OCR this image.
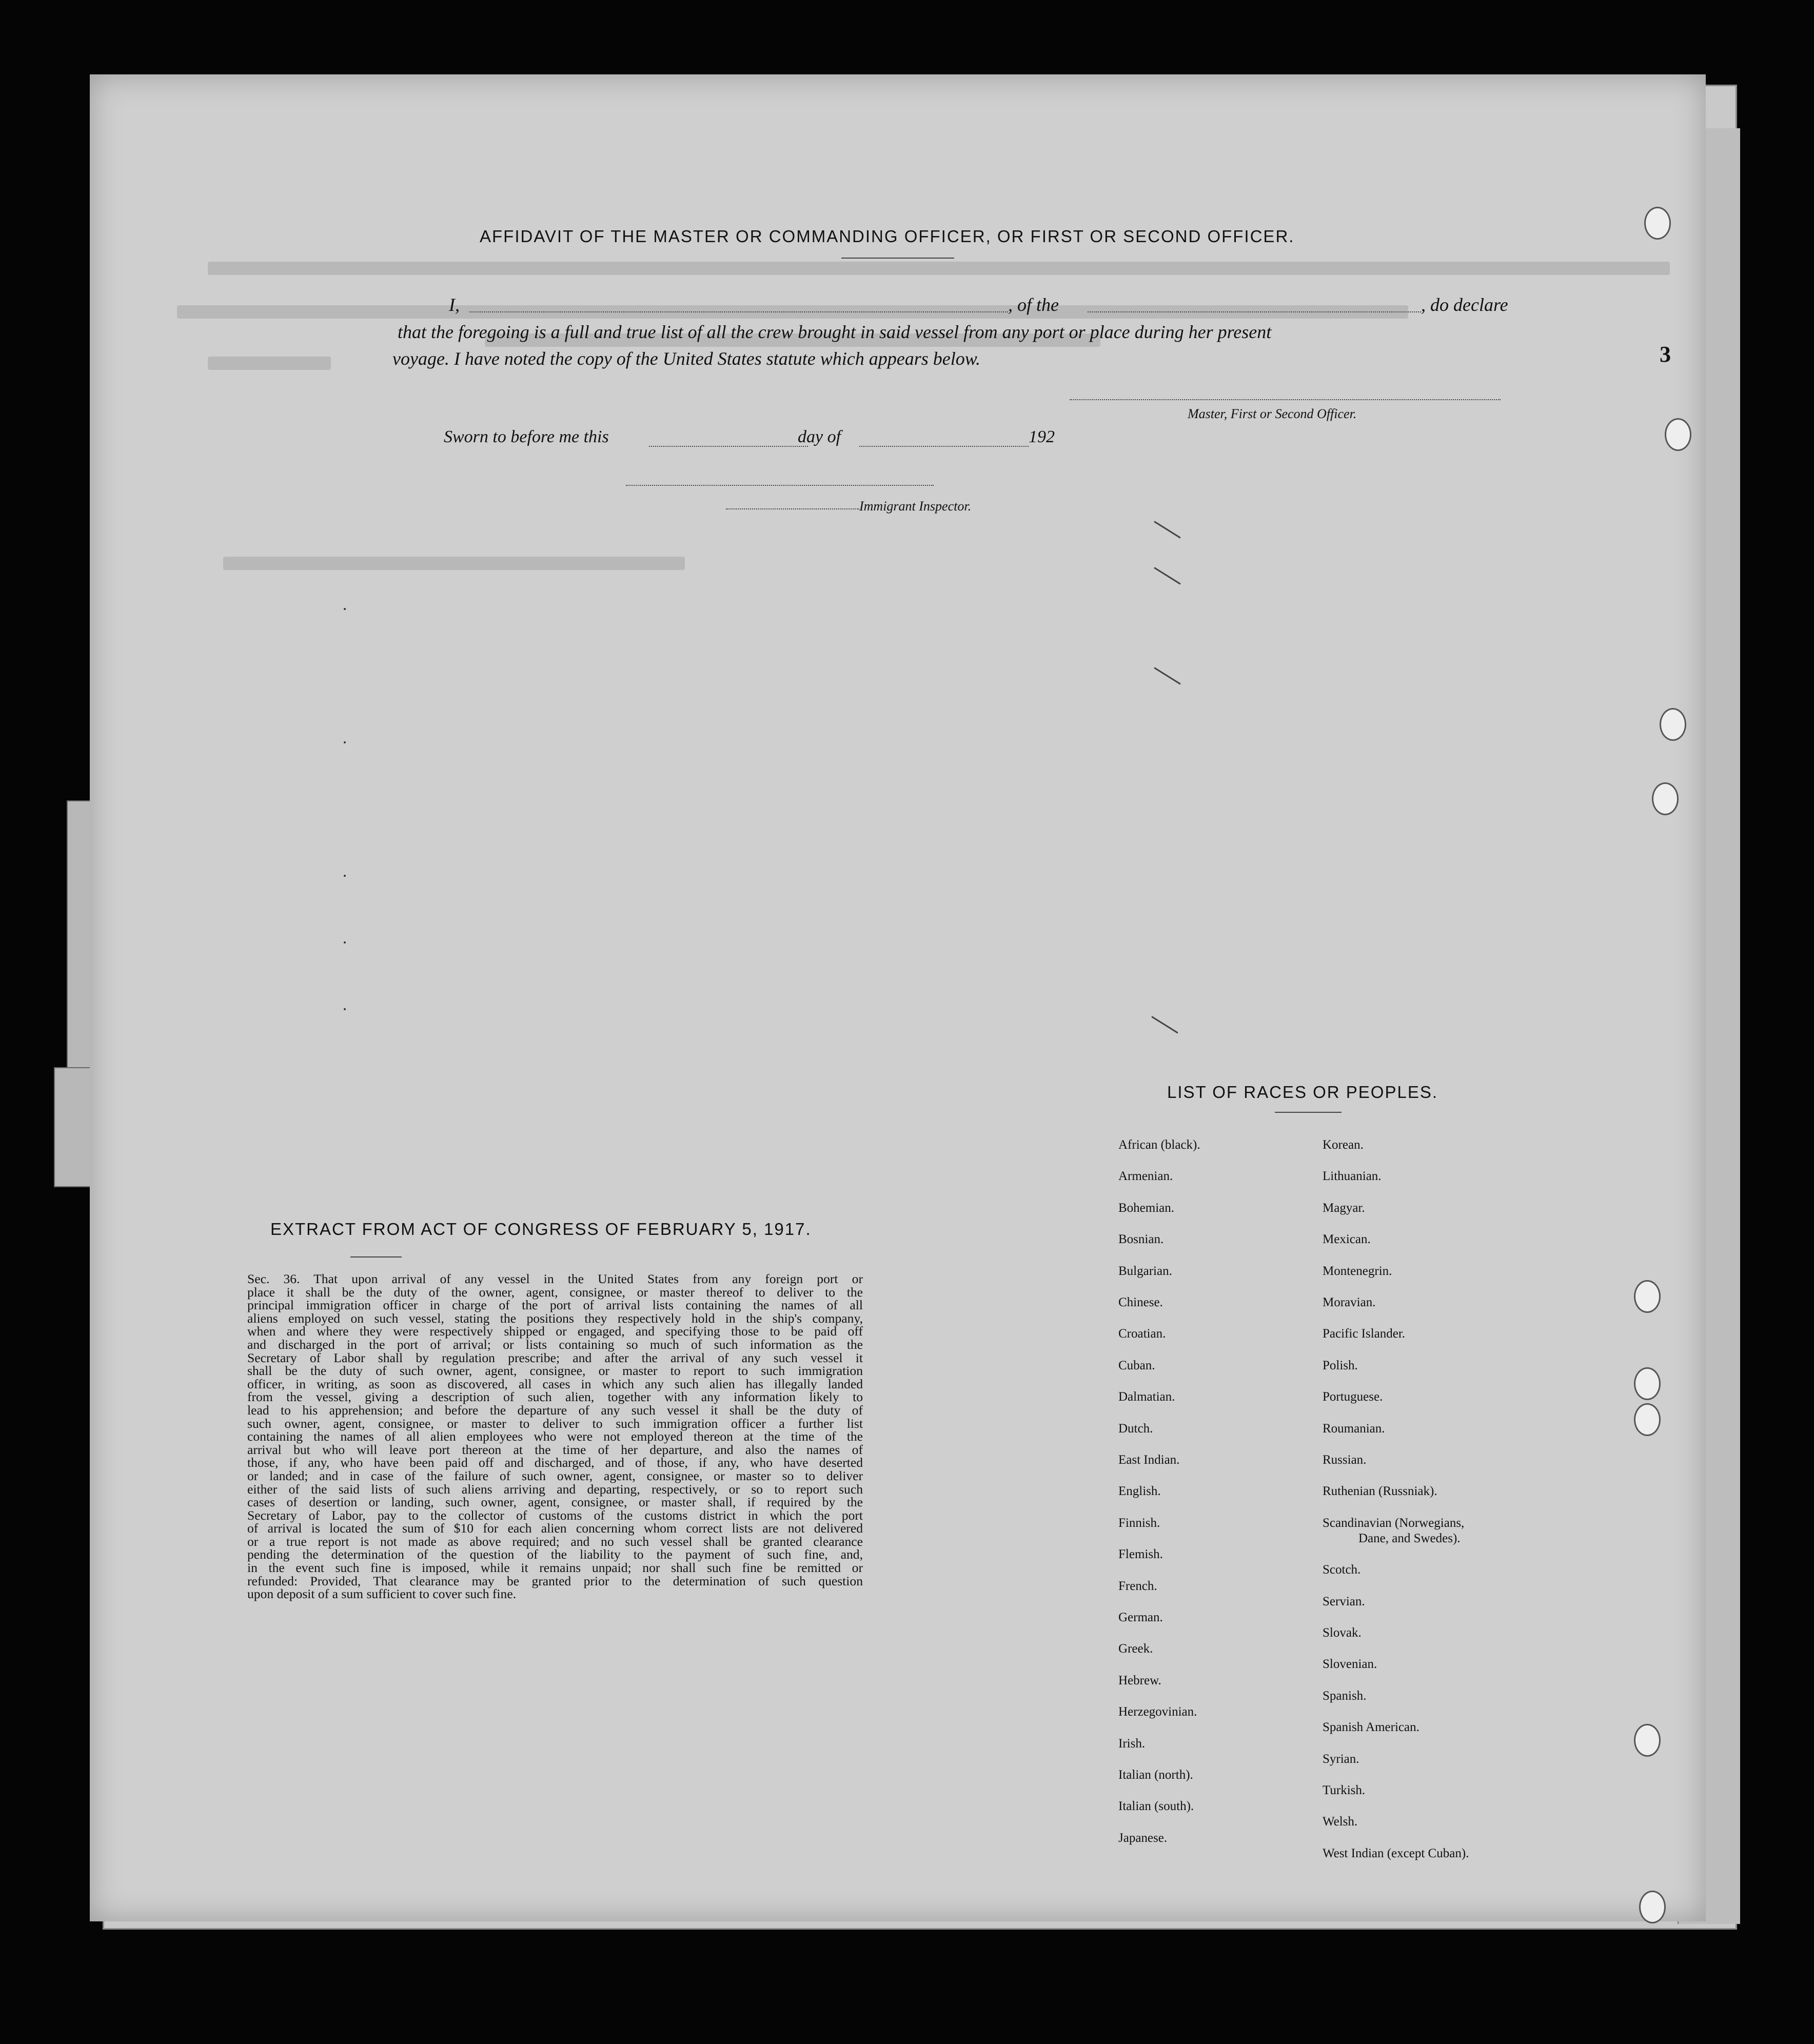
3
AFFIDAVIT OF THE MASTER OR COMMANDING OFFICER, OR FIRST OR SECOND OFFICER.
I,	, of the	, do declare
that the foregoing is a full and true list of all the crew brought in said vessel from any port or place during her present
voyage. I have noted the copy of the United States statute which appears below.
Master, First or Second Officer.
Sworn to before me this	day of	192
Immigrant Inspector.
EXTRACT FROM ACT OF CONGRESS OF FEBRUARY 5, 1917.
LIST OF RACES OR PEOPLES.
Sec. 36. That upon arrival of any vessel in the United States from any foreign port or
place it shall be the duty of the owner, agent, consignee, or master thereof to deliver to the
principal immigration officer in charge of the port of arrival lists containing the names of all
aliens employed on such vessel, stating the positions they respectively hold in the ship's company,
when and where they were respectively shipped or engaged, and specifying those to be paid off
and discharged in the port of arrival; or lists containing so much of such information as the
Secretary of Labor shall by regulation prescribe; and after the arrival of any such vessel it
shall be the duty of such owner, agent, consignee, or master to report to such immigration
officer, in writing, as soon as discovered, all cases in which any such alien has illegally landed
from the vessel, giving a description of such alien, together with any information likely to
lead to his apprehension; and before the departure of any such vessel it shall be the duty of
such owner, agent, consignee, or master to deliver to such immigration officer a further list
containing the names of all alien employees who were not employed thereon at the time of the
arrival but who will leave port thereon at the time of her departure, and also the names of
those, if any, who have been paid off and discharged, and of those, if any, who have deserted
or landed; and in case of the failure of such owner, agent, consignee, or master so to deliver
either of the said lists of such aliens arriving and departing, respectively, or so to report such
cases of desertion or landing, such owner, agent, consignee, or master shall, if required by the
Secretary of Labor, pay to the collector of customs of the customs district in which the port
of arrival is located the sum of $10 for each alien concerning whom correct lists are not delivered
or a true report is not made as above required; and no such vessel shall be granted clearance
pending the determination of the question of the liability to the payment of such fine, and,
in the event such fine is imposed, while it remains unpaid; nor shall such fine be remitted or
refunded: Provided, That clearance may be granted prior to the determination of such question
upon deposit of a sum sufficient to cover such fine.
African (black).
Armenian.
Bohemian.
Bosnian.
Bulgarian.
Chinese.
Croatian.
Cuban.
Dalmatian.
Dutch.
East Indian.
English.
Finnish.
Flemish.
French.
German.
Greek.
Hebrew.
Herzegovinian.
Irish.
Italian (north).
Italian (south).
Japanese.
Korean.
Lithuanian.
Magyar.
Mexican.
Montenegrin.
Moravian.
Pacific Islander.
Polish.
Portuguese.
Roumanian.
Russian.
Ruthenian (Russniak).
Scandinavian (Norwegians,
Dane, and Swedes).
Scotch.
Servian.
Slovak.
Slovenian.
Spanish.
Spanish American.
Syrian.
Turkish.
Welsh.
West Indian (except Cuban).
